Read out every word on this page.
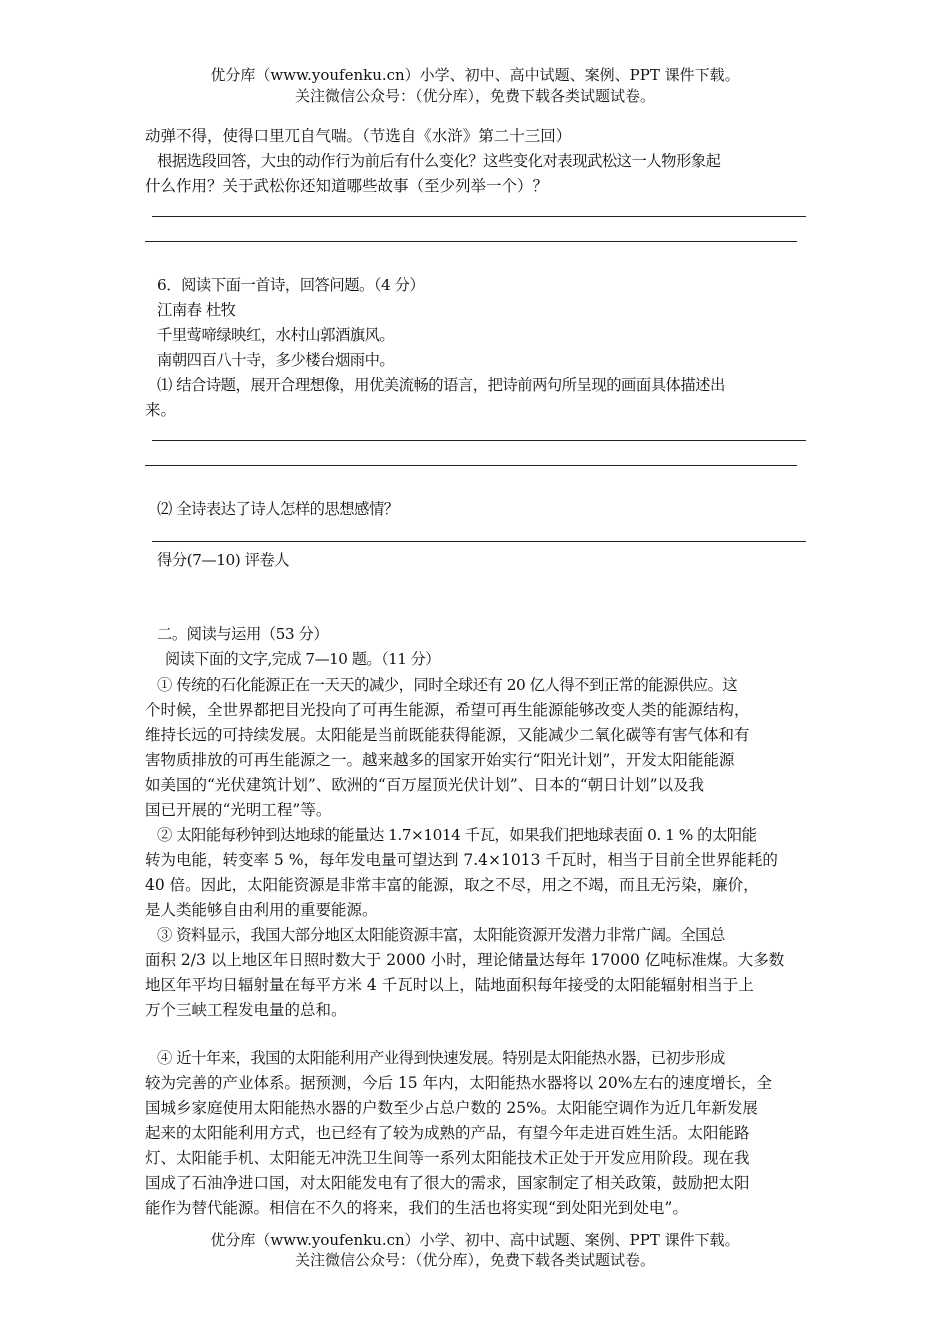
优分库（www.youfenku.cn）小学、初中、高中试题、案例、PPT 课件下载。
关注微信公众号：（优分库），免费下载各类试题试卷。
动弹不得，使得口里兀自气喘。（节选自《水浒》第二十三回）
根据选段回答，大虫的动作行为前后有什么变化？这些变化对表现武松这一人物形象起
什么作用？关于武松你还知道哪些故事（至少列举一个）？
6．阅读下面一首诗，回答问题。（4 分）
江南春 杜牧
千里莺啼绿映红，水村山郭酒旗风。
南朝四百八十寺，多少楼台烟雨中。
⑴ 结合诗题，展开合理想像，用优美流畅的语言，把诗前两句所呈现的画面具体描述出
来。
⑵ 全诗表达了诗人怎样的思想感情？
得分(7—10) 评卷人
二。阅读与运用（53 分）
阅读下面的文字,完成 7—10 题。（11 分）
① 传统的石化能源正在一天天的减少，同时全球还有 20 亿人得不到正常的能源供应。这
个时候，全世界都把目光投向了可再生能源，希望可再生能源能够改变人类的能源结构，
维持长远的可持续发展。太阳能是当前既能获得能源，又能减少二氧化碳等有害气体和有
害物质排放的可再生能源之一。越来越多的国家开始实行“阳光计划”，开发太阳能能源
如美国的“光伏建筑计划”、欧洲的“百万屋顶光伏计划”、日本的“朝日计划”以及我
国已开展的“光明工程”等。
② 太阳能每秒钟到达地球的能量达 1.7×1014 千瓦，如果我们把地球表面 0. 1 % 的太阳能
转为电能，转变率 5 %，每年发电量可望达到 7.4×1013 千瓦时，相当于目前全世界能耗的
40 倍。因此，太阳能资源是非常丰富的能源，取之不尽，用之不竭，而且无污染，廉价，
是人类能够自由利用的重要能源。
③ 资料显示，我国大部分地区太阳能资源丰富，太阳能资源开发潜力非常广阔。全国总
面积 2/3 以上地区年日照时数大于 2000 小时，理论储量达每年 17000 亿吨标准煤。大多数
地区年平均日辐射量在每平方米 4 千瓦时以上，陆地面积每年接受的太阳能辐射相当于上
万个三峡工程发电量的总和。
④ 近十年来，我国的太阳能利用产业得到快速发展。特别是太阳能热水器，已初步形成
较为完善的产业体系。据预测，今后 15 年内，太阳能热水器将以 20%左右的速度增长，全
国城乡家庭使用太阳能热水器的户数至少占总户数的 25%。太阳能空调作为近几年新发展
起来的太阳能利用方式，也已经有了较为成熟的产品，有望今年走进百姓生活。太阳能路
灯、太阳能手机、太阳能无冲洗卫生间等一系列太阳能技术正处于开发应用阶段。现在我
国成了石油净进口国，对太阳能发电有了很大的需求，国家制定了相关政策，鼓励把太阳
能作为替代能源。相信在不久的将来，我们的生活也将实现“到处阳光到处电”。
优分库（www.youfenku.cn）小学、初中、高中试题、案例、PPT 课件下载。
关注微信公众号：（优分库），免费下载各类试题试卷。
